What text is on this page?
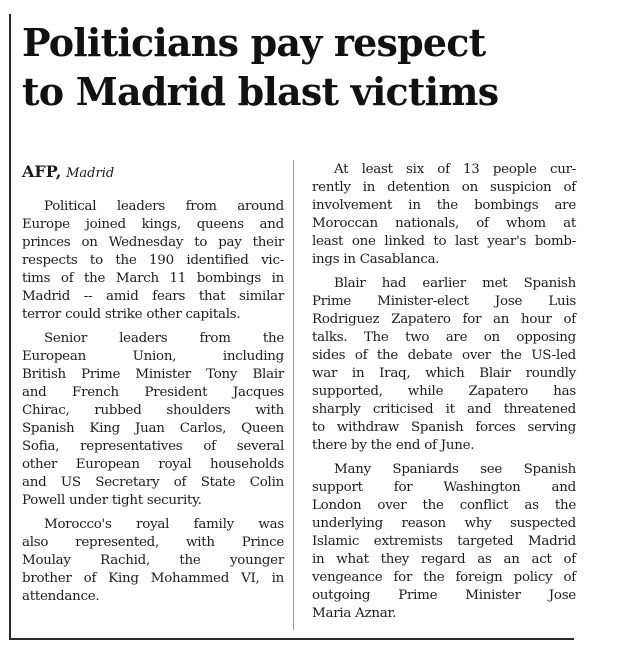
Politicians pay respect
to Madrid blast victims
AFP, Madrid
Political leaders from around
Europe joined kings, queens and
princes on Wednesday to pay their
respects to the 190 identified vic-
tims of the March 11 bombings in
Madrid -- amid fears that similar
terror could strike other capitals.
Senior leaders from the
European Union, including
British Prime Minister Tony Blair
and French President Jacques
Chirac, rubbed shoulders with
Spanish King Juan Carlos, Queen
Sofia, representatives of several
other European royal households
and US Secretary of State Colin
Powell under tight security.
Morocco's royal family was
also represented, with Prince
Moulay Rachid, the younger
brother of King Mohammed VI, in
attendance.
At least six of 13 people cur-
rently in detention on suspicion of
involvement in the bombings are
Moroccan nationals, of whom at
least one linked to last year's bomb-
ings in Casablanca.
Blair had earlier met Spanish
Prime Minister-elect Jose Luis
Rodriguez Zapatero for an hour of
talks. The two are on opposing
sides of the debate over the US-led
war in Iraq, which Blair roundly
supported, while Zapatero has
sharply criticised it and threatened
to withdraw Spanish forces serving
there by the end of June.
Many Spaniards see Spanish
support for Washington and
London over the conflict as the
underlying reason why suspected
Islamic extremists targeted Madrid
in what they regard as an act of
vengeance for the foreign policy of
outgoing Prime Minister Jose
Maria Aznar.
